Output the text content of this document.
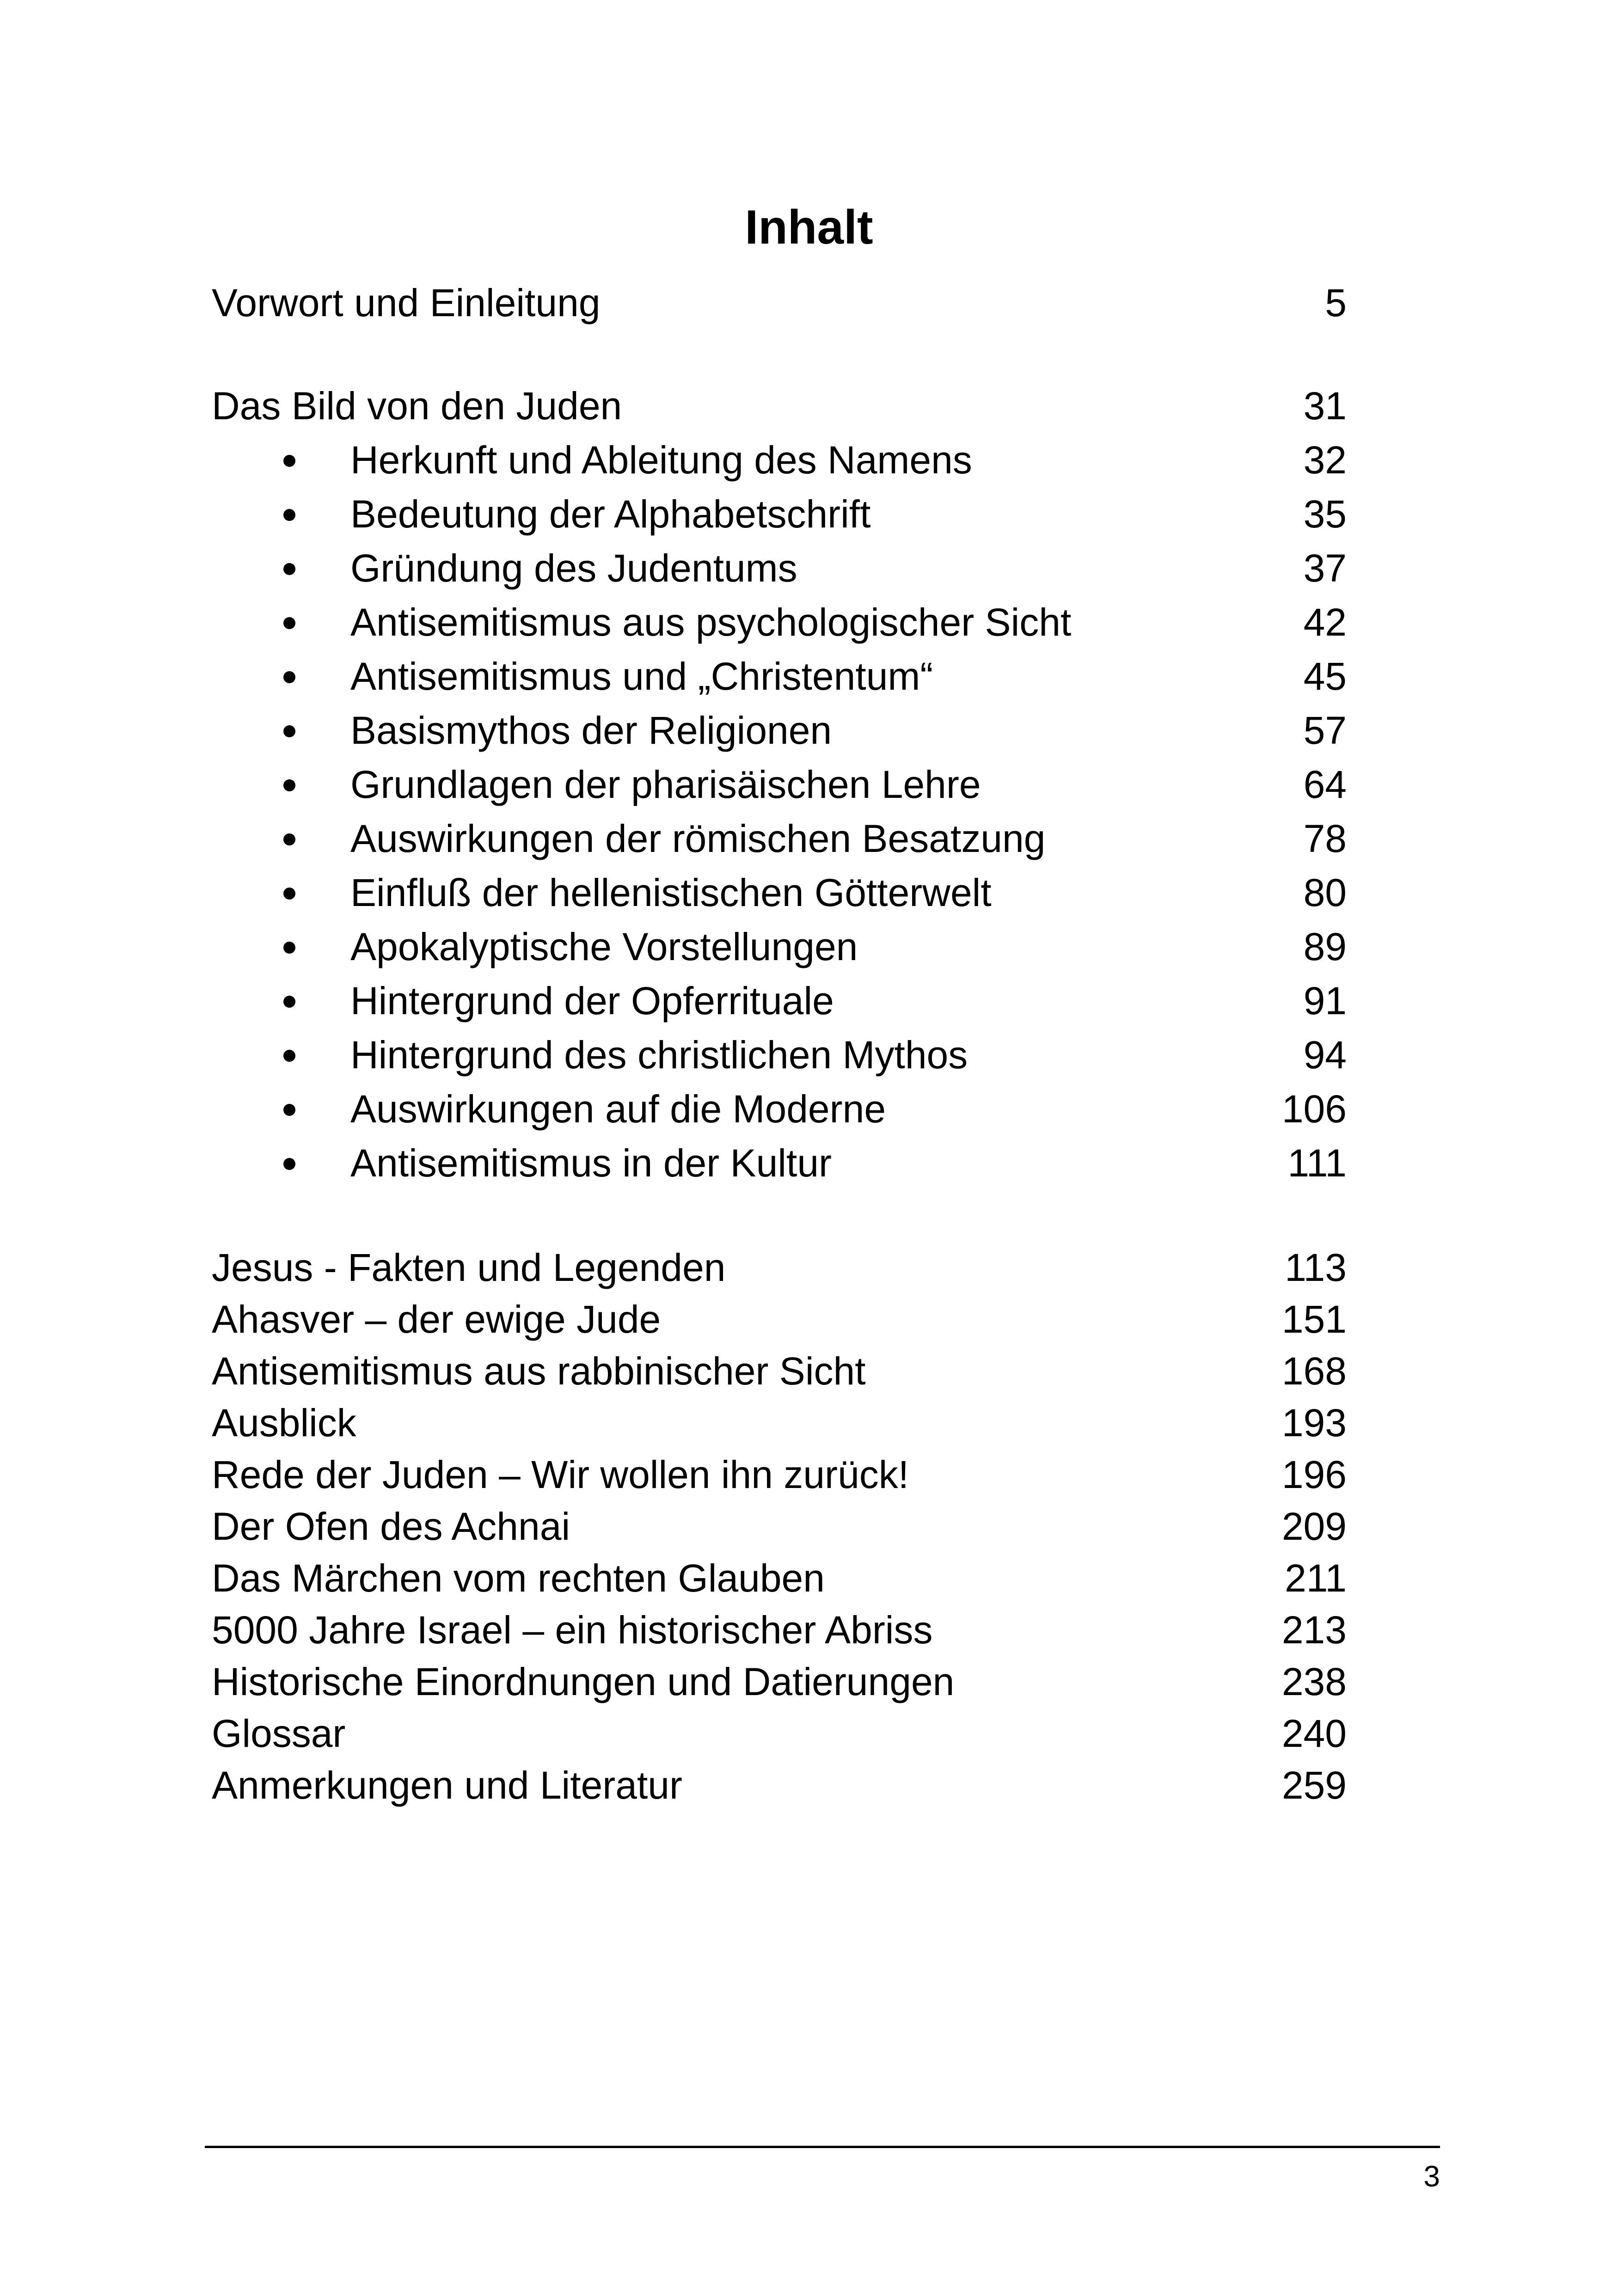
Inhalt
Vorwort und Einleitung	5
Das Bild von den Juden	31
Herkunft und Ableitung des Namens	32
Bedeutung der Alphabetschrift	35
Gründung des Judentums	37
Antisemitismus aus psychologischer Sicht	42
Antisemitismus und „Christentum“	45
Basismythos der Religionen	57
Grundlagen der pharisäischen Lehre	64
Auswirkungen der römischen Besatzung	78
Einfluß der hellenistischen Götterwelt	80
Apokalyptische Vorstellungen	89
Hintergrund der Opferrituale	91
Hintergrund des christlichen Mythos	94
Auswirkungen auf die Moderne	106
Antisemitismus in der Kultur	111
Jesus - Fakten und Legenden	113
Ahasver – der ewige Jude	151
Antisemitismus aus rabbinischer Sicht	168
Ausblick	193
Rede der Juden – Wir wollen ihn zurück!	196
Der Ofen des Achnai	209
Das Märchen vom rechten Glauben	211
5000 Jahre Israel – ein historischer Abriss	213
Historische Einordnungen und Datierungen	238
Glossar	240
Anmerkungen und Literatur	259
3
